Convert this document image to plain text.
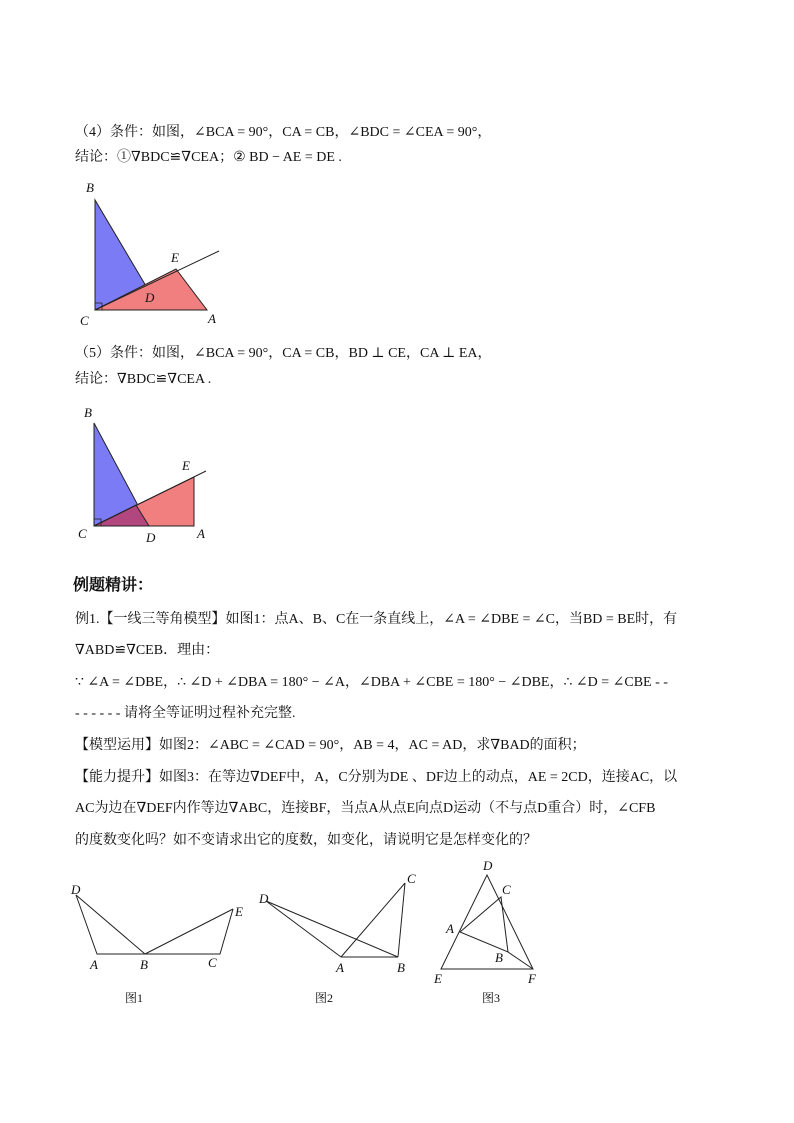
（4）条件：如图，∠BCA = 90°，CA = CB，∠BDC = ∠CEA = 90°，
结论：①∇BDC≌∇CEA；② BD − AE = DE .
B
E
D
C	A
（5）条件：如图，∠BCA = 90°，CA = CB，BD ⊥ CE，CA ⊥ EA，
结论：∇BDC≌∇CEA .
B
E
C	D	A
例题精讲：
例1.【一线三等角模型】如图1：点A、B、C在一条直线上，∠A = ∠DBE = ∠C，当BD = BE时，有
∇ABD≌∇CEB．理由：
∵ ∠A = ∠DBE，∴ ∠D + ∠DBA = 180° − ∠A，∠DBA + ∠CBE = 180° − ∠DBE，∴ ∠D = ∠CBE - -
- - - - - - 请将全等证明过程补充完整.
【模型运用】如图2：∠ABC = ∠CAD = 90°，AB = 4，AC = AD，求∇BAD的面积；
【能力提升】如图3：在等边∇DEF中，A，C分别为DE 、DF边上的动点，AE = 2CD，连接AC，以
AC为边在∇DEF内作等边∇ABC，连接BF，当点A从点E向点D运动（不与点D重合）时，∠CFB
的度数变化吗？如不变请求出它的度数，如变化，请说明它是怎样变化的？
D
A	B	C
E
图1
D
C
A	B
图2
D
C
A
B
E	F
图3
